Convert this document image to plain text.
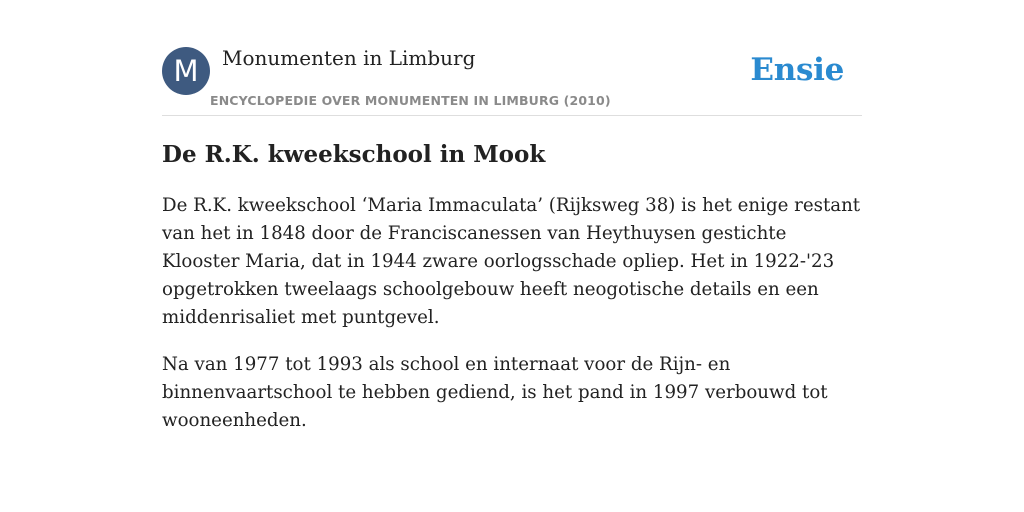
M	Monumenten in Limburg
ENCYCLOPEDIE OVER MONUMENTEN IN LIMBURG (2010)
Ensie
De R.K. kweekschool in Mook

De R.K. kweekschool ‘Maria Immaculata’ (Rijksweg 38) is het enige restant van het in 1848 door de Franciscanessen van Heythuysen gestichte Klooster Maria, dat in 1944 zware oorlogsschade opliep. Het in 1922-'23 opgetrokken tweelaags schoolgebouw heeft neogotische details en een middenrisaliet met puntgevel.

Na van 1977 tot 1993 als school en internaat voor de Rijn- en binnenvaartschool te hebben gediend, is het pand in 1997 verbouwd tot wooneenheden.
